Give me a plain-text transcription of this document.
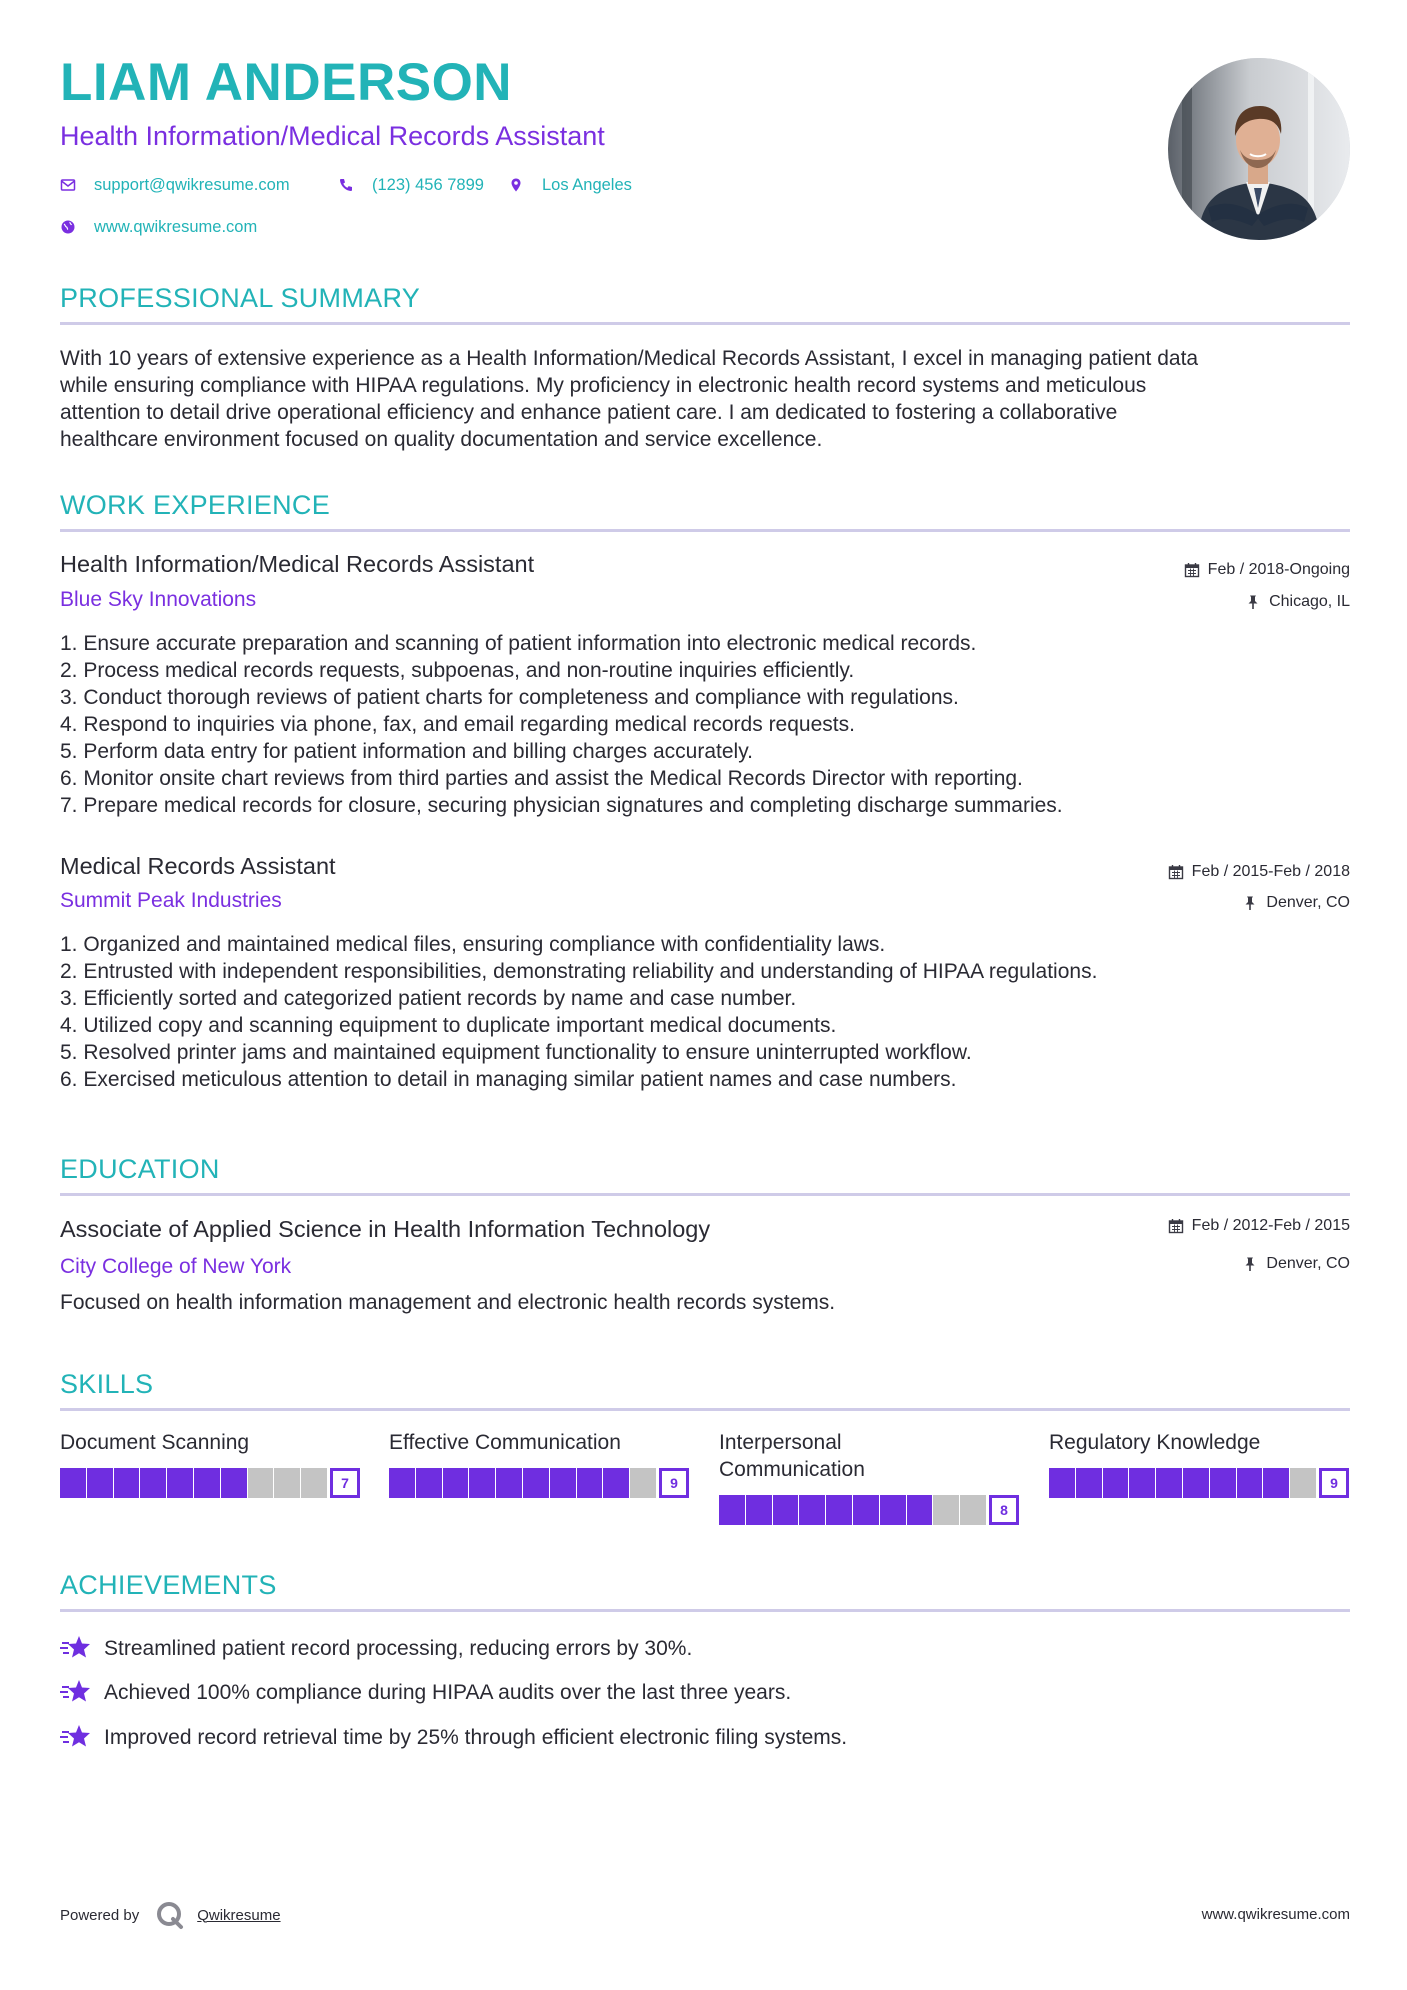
LIAM ANDERSON
Health Information/Medical Records Assistant
support@qwikresume.com	(123) 456 7899	Los Angeles
www.qwikresume.com
PROFESSIONAL SUMMARY
With 10 years of extensive experience as a Health Information/Medical Records Assistant, I excel in managing patient data
while ensuring compliance with HIPAA regulations. My proficiency in electronic health record systems and meticulous
attention to detail drive operational efficiency and enhance patient care. I am dedicated to fostering a collaborative
healthcare environment focused on quality documentation and service excellence.
WORK EXPERIENCE
Health Information/Medical Records Assistant
Blue Sky Innovations
Feb / 2018-Ongoing
Chicago, IL
1. Ensure accurate preparation and scanning of patient information into electronic medical records.
2. Process medical records requests, subpoenas, and non-routine inquiries efficiently.
3. Conduct thorough reviews of patient charts for completeness and compliance with regulations.
4. Respond to inquiries via phone, fax, and email regarding medical records requests.
5. Perform data entry for patient information and billing charges accurately.
6. Monitor onsite chart reviews from third parties and assist the Medical Records Director with reporting.
7. Prepare medical records for closure, securing physician signatures and completing discharge summaries.
Medical Records Assistant
Summit Peak Industries
Feb / 2015-Feb / 2018
Denver, CO
1. Organized and maintained medical files, ensuring compliance with confidentiality laws.
2. Entrusted with independent responsibilities, demonstrating reliability and understanding of HIPAA regulations.
3. Efficiently sorted and categorized patient records by name and case number.
4. Utilized copy and scanning equipment to duplicate important medical documents.
5. Resolved printer jams and maintained equipment functionality to ensure uninterrupted workflow.
6. Exercised meticulous attention to detail in managing similar patient names and case numbers.
EDUCATION
Associate of Applied Science in Health Information Technology
City College of New York
Feb / 2012-Feb / 2015
Denver, CO
Focused on health information management and electronic health records systems.
SKILLS
Document Scanning
7
Effective Communication
9
Interpersonal
Communication
8
Regulatory Knowledge
9
ACHIEVEMENTS
Streamlined patient record processing, reducing errors by 30%.
Achieved 100% compliance during HIPAA audits over the last three years.
Improved record retrieval time by 25% through efficient electronic filing systems.
Powered by	Qwikresume	www.qwikresume.com
